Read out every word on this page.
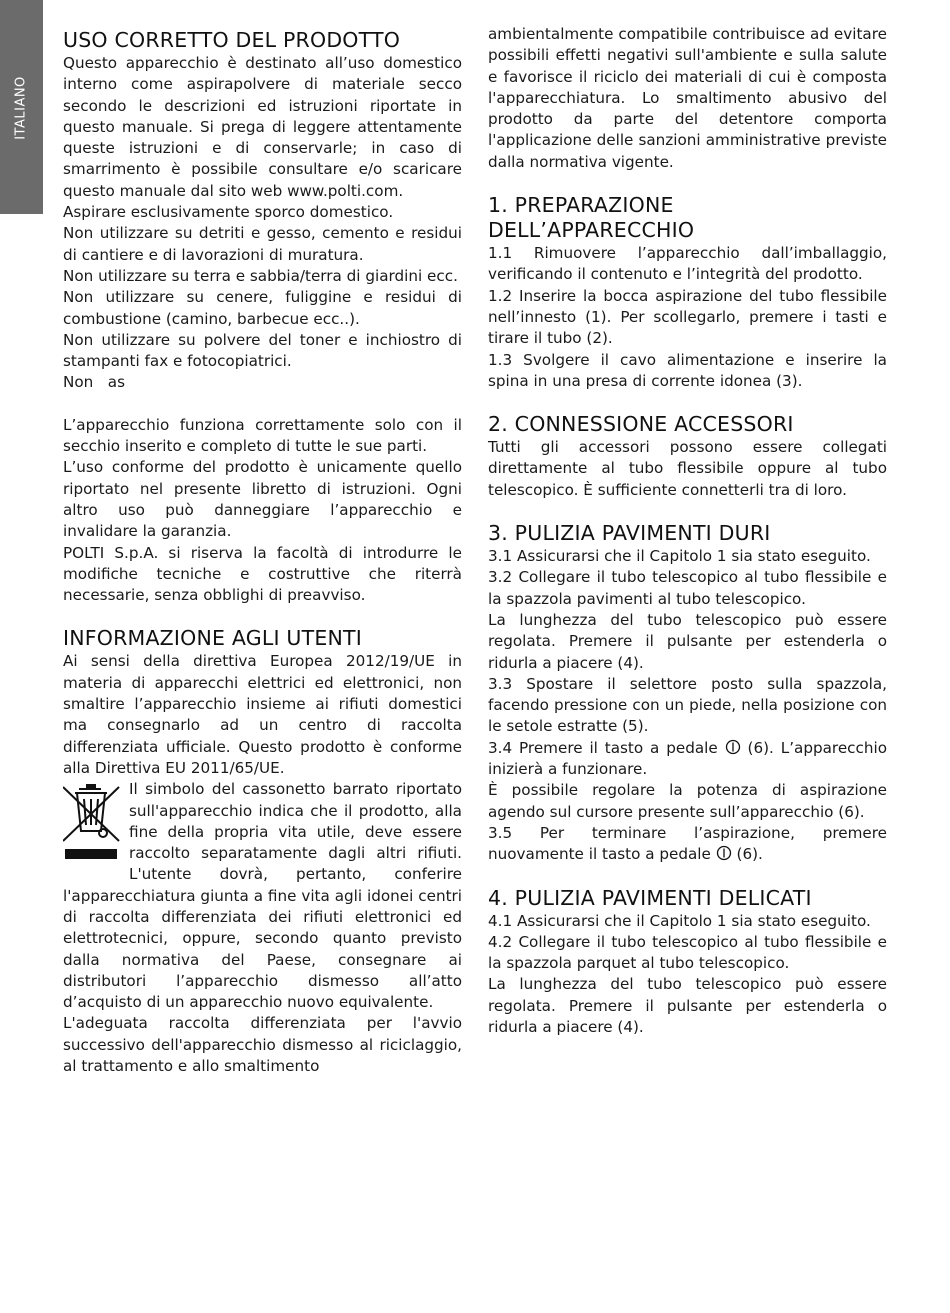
ITALIANO
USO CORRETTO DEL PRODOTTO

Questo apparecchio è destinato all’uso domestico interno come aspirapolvere di materiale secco secondo le descrizioni ed istruzioni riportate in questo manuale. Si prega di leggere attentamente queste istruzioni e di conservarle; in caso di smarrimento è possibile consultare e/o scaricare questo manuale dal sito web www.polti.com.

Aspirare esclusivamente sporco domestico.

Non utilizzare su detriti e gesso, cemento e residui di cantiere e di lavorazioni di muratura.

Non utilizzare su terra e sabbia/terra di giardini ecc.

Non utilizzare su cenere, fuliggine e residui di combustione (camino, barbecue ecc..).

Non utilizzare su polvere del toner e inchiostro di stampanti fax e fotocopiatrici.

Non   as

L’apparecchio funziona correttamente solo con il secchio inserito e completo di tutte le sue parti.

L’uso conforme del prodotto è unicamente quello riportato nel presente libretto di istruzioni. Ogni altro uso può danneggiare l’apparecchio e invalidare la garanzia.

POLTI S.p.A. si riserva la facoltà di introdurre le modifiche tecniche e costruttive che riterrà necessarie, senza obblighi di preavviso.

INFORMAZIONE AGLI UTENTI

Ai sensi della direttiva Europea 2012/19/UE in materia di apparecchi elettrici ed elettronici, non smaltire l’apparecchio insieme ai rifiuti domestici ma consegnarlo ad un centro di raccolta differenziata ufficiale. Questo prodotto è conforme alla Direttiva EU 2011/65/UE.

Il simbolo del cassonetto barrato riportato sull'apparecchio indica che il prodotto, alla fine della propria vita utile, deve essere raccolto separatamente dagli altri rifiuti. L'utente dovrà, pertanto, conferire l'apparecchiatura giunta a fine vita agli idonei centri di raccolta differenziata dei rifiuti elettronici ed elettrotecnici, oppure, secondo quanto previsto dalla normativa del Paese, consegnare ai distributori l’apparecchio dismesso all’atto d’acquisto di un apparecchio nuovo equivalente.

L'adeguata raccolta differenziata per l'avvio successivo dell'apparecchio dismesso al riciclaggio, al trattamento e allo smaltimento

ambientalmente compatibile contribuisce ad evitare possibili effetti negativi sull'ambiente e sulla salute e favorisce il riciclo dei materiali di cui è composta l'apparecchiatura. Lo smaltimento abusivo del prodotto da parte del detentore comporta l'applicazione delle sanzioni amministrative previste dalla normativa vigente.

1. PREPARAZIONE DELL’APPARECCHIO

1.1 Rimuovere l’apparecchio dall’imballaggio, verificando il contenuto e l’integrità del prodotto.

1.2 Inserire la bocca aspirazione del tubo flessibile nell’innesto (1). Per scollegarlo, premere i tasti e tirare il tubo (2).

1.3 Svolgere il cavo alimentazione e inserire la spina in una presa di corrente idonea (3).

2. CONNESSIONE ACCESSORI

Tutti gli accessori possono essere collegati direttamente al tubo flessibile oppure al tubo telescopico. È sufficiente connetterli tra di loro.

3. PULIZIA PAVIMENTI DURI

3.1 Assicurarsi che il Capitolo 1 sia stato eseguito.

3.2 Collegare il tubo telescopico al tubo flessibile e la spazzola pavimenti al tubo telescopico.

La lunghezza del tubo telescopico può essere regolata. Premere il pulsante per estenderla o ridurla a piacere (4).

3.3 Spostare il selettore posto sulla spazzola, facendo pressione con un piede, nella posizione con le setole estratte (5).

3.4 Premere il tasto a pedale (6). L’apparecchio inizierà a funzionare.

È possibile regolare la potenza di aspirazione agendo sul cursore presente sull’apparecchio (6).

3.5 Per terminare l’aspirazione, premere nuovamente il tasto a pedale (6).

4. PULIZIA PAVIMENTI DELICATI

4.1 Assicurarsi che il Capitolo 1 sia stato eseguito.

4.2 Collegare il tubo telescopico al tubo flessibile e la spazzola parquet al tubo telescopico.

La lunghezza del tubo telescopico può essere regolata. Premere il pulsante per estenderla o ridurla a piacere (4).
